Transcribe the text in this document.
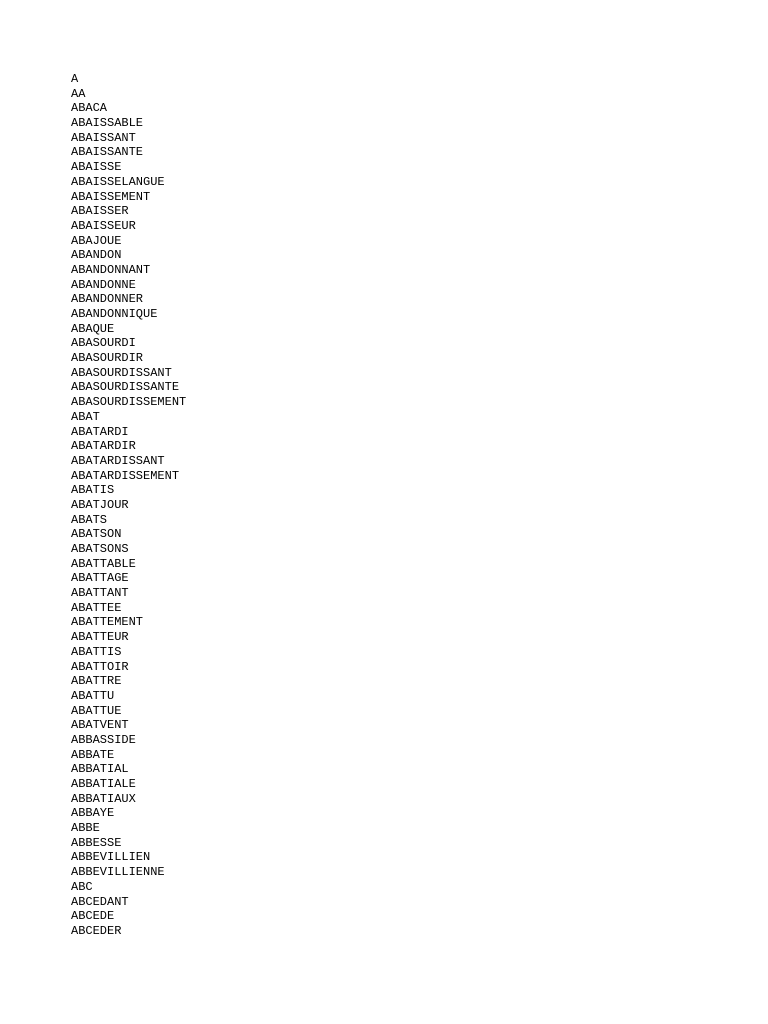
A
AA
ABACA
ABAISSABLE
ABAISSANT
ABAISSANTE
ABAISSE
ABAISSELANGUE
ABAISSEMENT
ABAISSER
ABAISSEUR
ABAJOUE
ABANDON
ABANDONNANT
ABANDONNE
ABANDONNER
ABANDONNIQUE
ABAQUE
ABASOURDI
ABASOURDIR
ABASOURDISSANT
ABASOURDISSANTE
ABASOURDISSEMENT
ABAT
ABATARDI
ABATARDIR
ABATARDISSANT
ABATARDISSEMENT
ABATIS
ABATJOUR
ABATS
ABATSON
ABATSONS
ABATTABLE
ABATTAGE
ABATTANT
ABATTEE
ABATTEMENT
ABATTEUR
ABATTIS
ABATTOIR
ABATTRE
ABATTU
ABATTUE
ABATVENT
ABBASSIDE
ABBATE
ABBATIAL
ABBATIALE
ABBATIAUX
ABBAYE
ABBE
ABBESSE
ABBEVILLIEN
ABBEVILLIENNE
ABC
ABCEDANT
ABCEDE
ABCEDER
